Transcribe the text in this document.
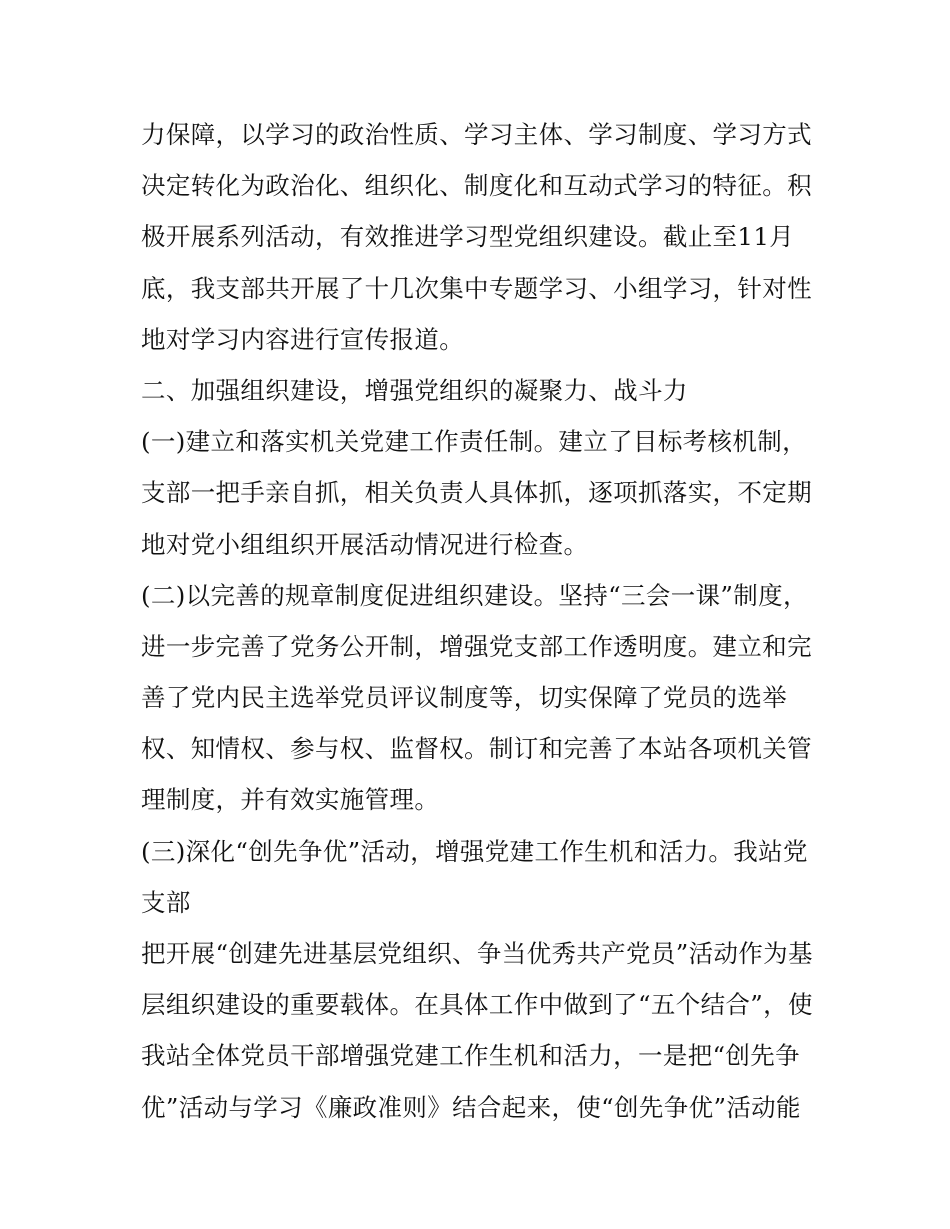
力保障，以学习的政治性质、学习主体、学习制度、学习方式
决定转化为政治化、组织化、制度化和互动式学习的特征。积
极开展系列活动，有效推进学习型党组织建设。截止至11月
底，我支部共开展了十几次集中专题学习、小组学习，针对性
地对学习内容进行宣传报道。
二、加强组织建设，增强党组织的凝聚力、战斗力
(一)建立和落实机关党建工作责任制。建立了目标考核机制，
支部一把手亲自抓，相关负责人具体抓，逐项抓落实，不定期
地对党小组组织开展活动情况进行检查。
(二)以完善的规章制度促进组织建设。坚持“三会一课”制度，
进一步完善了党务公开制，增强党支部工作透明度。建立和完
善了党内民主选举党员评议制度等，切实保障了党员的选举
权、知情权、参与权、监督权。制订和完善了本站各项机关管
理制度，并有效实施管理。
(三)深化“创先争优”活动，增强党建工作生机和活力。我站党
支部
把开展“创建先进基层党组织、争当优秀共产党员”活动作为基
层组织建设的重要载体。在具体工作中做到了“五个结合”，使
我站全体党员干部增强党建工作生机和活力，一是把“创先争
优”活动与学习《廉政准则》结合起来，使“创先争优”活动能
